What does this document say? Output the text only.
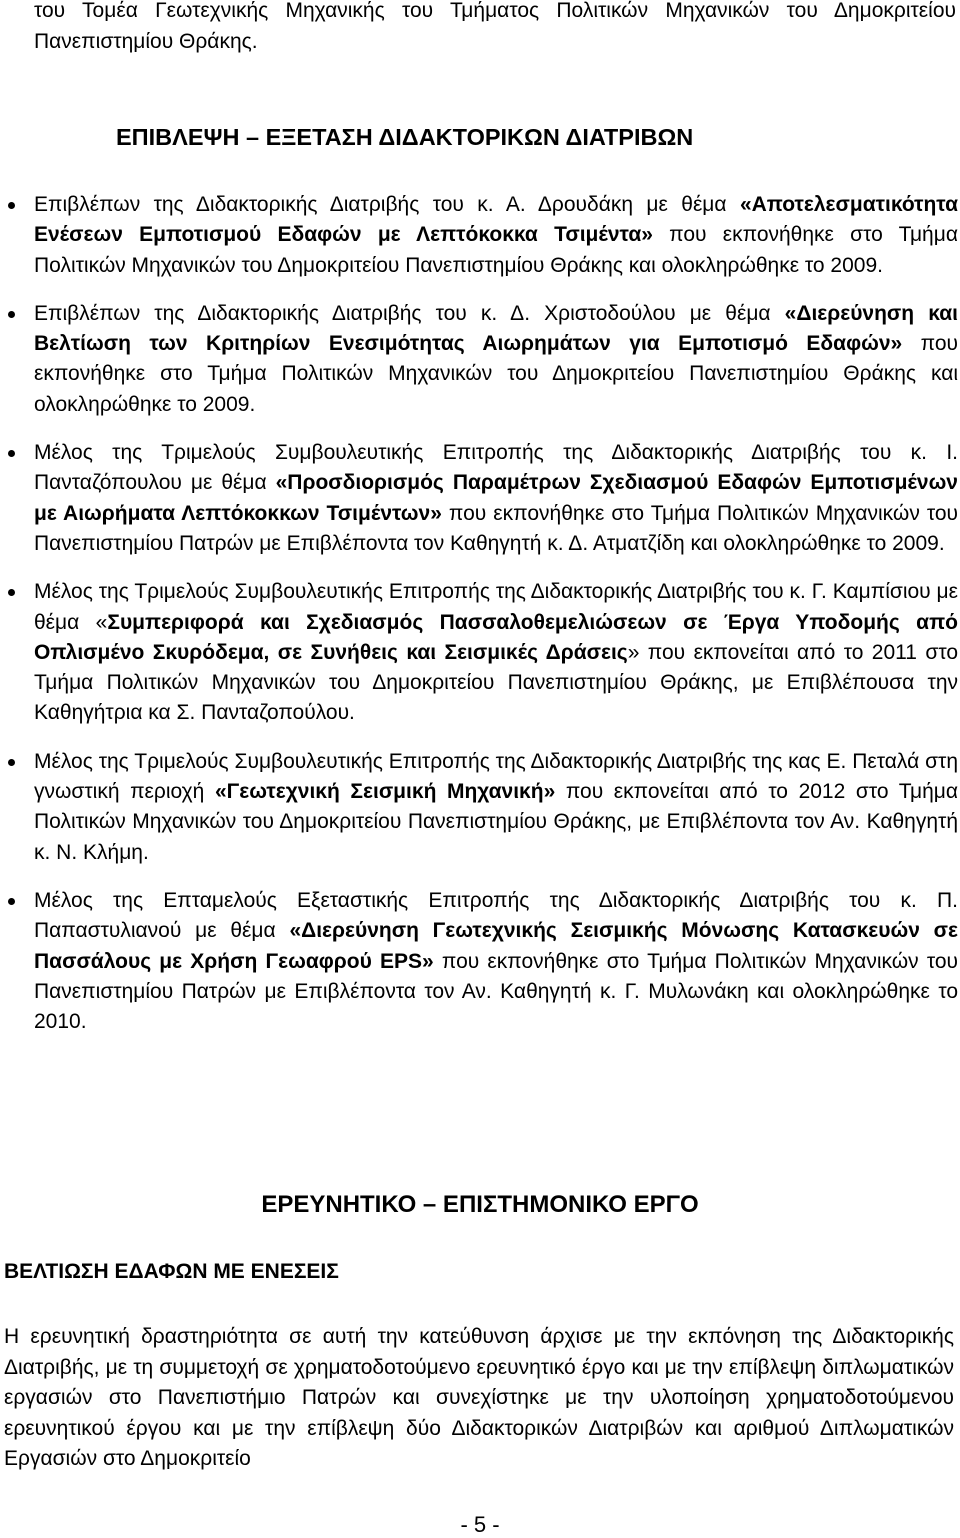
του Τομέα Γεωτεχνικής Μηχανικής του Τμήματος Πολιτικών Μηχανικών του Δημοκριτείου Πανεπιστημίου Θράκης.

ΕΠΙΒΛΕΨΗ – ΕΞΕΤΑΣΗ ΔΙΔΑΚΤΟΡΙΚΩΝ ΔΙΑΤΡΙΒΩΝ

Επιβλέπων της Διδακτορικής Διατριβής του κ. Α. Δρουδάκη με θέμα «Αποτελεσματικότητα Ενέσεων Εμποτισμού Εδαφών με Λεπτόκοκκα Τσιμέντα» που εκπονήθηκε στο Τμήμα Πολιτικών Μηχανικών του Δημοκριτείου Πανεπιστημίου Θράκης και ολοκληρώθηκε το 2009.
Επιβλέπων της Διδακτορικής Διατριβής του κ. Δ. Χριστοδούλου με θέμα «Διερεύνηση και Βελτίωση των Κριτηρίων Ενεσιμότητας Αιωρημάτων για Εμποτισμό Εδαφών» που εκπονήθηκε στο Τμήμα Πολιτικών Μηχανικών του Δημοκριτείου Πανεπιστημίου Θράκης και ολοκληρώθηκε το 2009.
Μέλος της Τριμελούς Συμβουλευτικής Επιτροπής της Διδακτορικής Διατριβής του κ. Ι. Πανταζόπουλου με θέμα «Προσδιορισμός Παραμέτρων Σχεδιασμού Εδαφών Εμποτισμένων με Αιωρήματα Λεπτόκοκκων Τσιμέντων» που εκπονήθηκε στο Τμήμα Πολιτικών Μηχανικών του Πανεπιστημίου Πατρών με Επιβλέποντα τον Καθηγητή κ. Δ. Ατματζίδη και ολοκληρώθηκε το 2009.
Μέλος της Τριμελούς Συμβουλευτικής Επιτροπής της Διδακτορικής Διατριβής του κ. Γ. Καμπίσιου με θέμα «Συμπεριφορά και Σχεδιασμός Πασσαλοθεμελιώσεων σε Έργα Υποδομής από Οπλισμένο Σκυρόδεμα, σε Συνήθεις και Σεισμικές Δράσεις» που εκπονείται από το 2011 στο Τμήμα Πολιτικών Μηχανικών του Δημοκριτείου Πανεπιστημίου Θράκης, με Επιβλέπουσα την Καθηγήτρια κα Σ. Πανταζοπούλου.
Μέλος της Τριμελούς Συμβουλευτικής Επιτροπής της Διδακτορικής Διατριβής της κας Ε. Πεταλά στη γνωστική περιοχή «Γεωτεχνική Σεισμική Μηχανική» που εκπονείται από το 2012 στο Τμήμα Πολιτικών Μηχανικών του Δημοκριτείου Πανεπιστημίου Θράκης, με Επιβλέποντα τον Αν. Καθηγητή κ. Ν. Κλήμη.
Μέλος της Επταμελούς Εξεταστικής Επιτροπής της Διδακτορικής Διατριβής του κ. Π. Παπαστυλιανού με θέμα «Διερεύνηση Γεωτεχνικής Σεισμικής Μόνωσης Κατασκευών σε Πασσάλους με Χρήση Γεωαφρού EPS» που εκπονήθηκε στο Τμήμα Πολιτικών Μηχανικών του Πανεπιστημίου Πατρών με Επιβλέποντα τον Αν. Καθηγητή κ. Γ. Μυλωνάκη και ολοκληρώθηκε το 2010.

ΕΡΕΥΝΗΤΙΚΟ – ΕΠΙΣΤΗΜΟΝΙΚΟ ΕΡΓΟ

ΒΕΛΤΙΩΣΗ ΕΔΑΦΩΝ ΜΕ ΕΝΕΣΕΙΣ

Η ερευνητική δραστηριότητα σε αυτή την κατεύθυνση άρχισε με την εκπόνηση της Διδακτορικής Διατριβής, με τη συμμετοχή σε χρηματοδοτούμενο ερευνητικό έργο και με την επίβλεψη διπλωματικών εργασιών στο Πανεπιστήμιο Πατρών και συνεχίστηκε με την υλοποίηση χρηματοδοτούμενου ερευνητικού έργου και με την επίβλεψη δύο Διδακτορικών Διατριβών και αριθμού Διπλωματικών Εργασιών στο Δημοκριτείο

- 5 -
